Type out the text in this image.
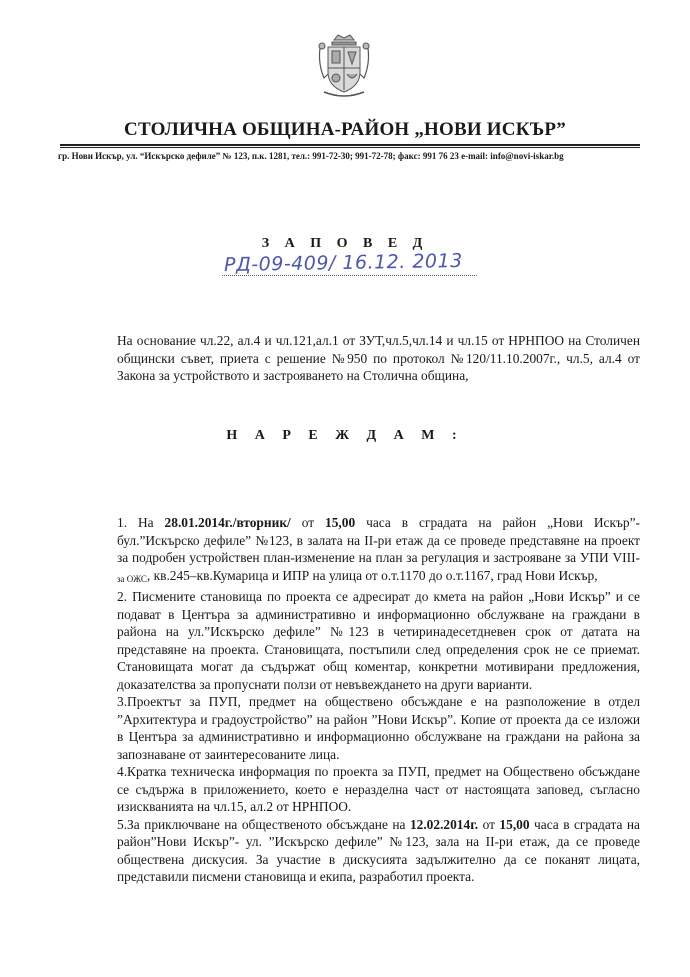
СТОЛИЧНА ОБЩИНА-РАЙОН „НОВИ ИСКЪР”
гр. Нови Искър, ул. “Искърско дефиле” № 123, п.к. 1281, тел.: 991-72-30; 991-72-78; факс: 991 76 23 e-mail: info@novi-iskar.bg
З А П О В Е Д
РД-09-409/ 16.12. 2013

На основание чл.22, ал.4 и чл.121,ал.1 от ЗУТ,чл.5,чл.14 и чл.15 от НРНПОО на Столичен общински съвет, приета с решение №950 по протокол №120/11.10.2007г., чл.5, ал.4 от Закона за устройството и застрояването на Столична община,

Н А Р Е Ж Д А М :

1. На 28.01.2014г./вторник/ от 15,00 часа в сградата на район „Нови Искър”- бул.”Искърско дефиле” №123, в залата на II-ри етаж да се проведе представяне на проект за подробен устройствен план-изменение на план за регулация и застрояване за УПИ VIII-$_{за ОЖС}$, кв.245–кв.Кумарица и ИПР на улица от о.т.1170 до о.т.1167, град Нови Искър,

2. Писмените становища по проекта се адресират до кмета на район „Нови Искър” и се подават в Центъра за административно и информационно обслужване на граждани в района на ул.”Искърско дефиле” №123 в четиринадесетдневен срок от датата на представяне на проекта. Становищата, постъпили след определения срок не се приемат. Становищата могат да съдържат общ коментар, конкретни мотивирани предложения, доказателства за пропуснати ползи от невъвеждането на други варианти.

3.Проектът за ПУП, предмет на обществено обсъждане е на разположение в отдел ”Архитектура и градоустройство” на район ”Нови Искър”. Копие от проекта да се изложи в Центъра за административно и информационно обслужване на граждани на района за запознаване от заинтересованите лица.

4.Кратка техническа информация по проекта за ПУП, предмет на Обществено обсъждане се съдържа в приложението, което е неразделна част от настоящата заповед, съгласно изискванията на чл.15, ал.2 от НРНПОО.

5.За приключване на общественото обсъждане на 12.02.2014г. от 15,00 часа в сградата на район”Нови Искър”- ул. ”Искърско дефиле” №123, зала на II-ри етаж, да се проведе обществена дискусия. За участие в дискусията задължително да се поканят лицата, представили писмени становища и екипа, разработил проекта.
